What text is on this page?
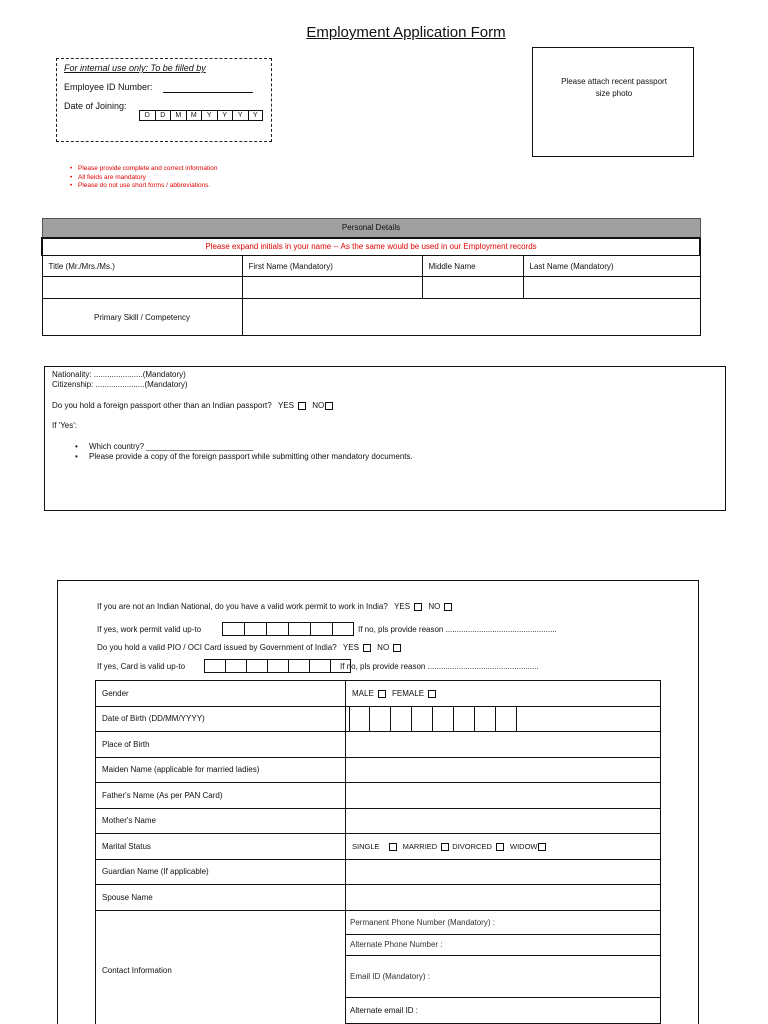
Employment Application Form
For internal use only: To be filled by
Employee ID Number:
Date of Joining:
D	D	M	M	Y	Y	Y	Y
Please attach recent passport
size photo
• Please provide complete and correct information
• All fields are mandatory
• Please do not use short forms / abbreviations.
Personal Details			
Please expand initials in your name -- As the same would be used in our Employment records			
Title (Mr./Mrs./Ms.)	First Name (Mandatory)	Middle Name	Last Name (Mandatory)

Primary Skill / Competency			
Nationality: ......................(Mandatory)
Citizenship: ......................(Mandatory)
Do you hold a foreign passport other than an Indian passport? YES NO
If 'Yes':
• Which country? ________________________
• Please provide a copy of the foreign passport while submitting other mandatory documents.
If you are not an Indian National, do you have a valid work permit to work in India? YES NO
If yes, work permit valid up-to	If no, pls provide reason ..................................................
Do you hold a valid PIO / OCI Card issued by Government of India? YES NO
If yes, Card is valid up-to	If no, pls provide reason ..................................................
Gender	MALE FEMALE
Date of Birth (DD/MM/YYYY)	

Place of Birth	
Maiden Name (applicable for married ladies)	
Father's Name (As per PAN Card)	
Mother's Name	
Marital Status	SINGLE MARRIED DIVORCED WIDOW
Guardian Name (If applicable)	
Spouse Name	
Contact Information	Permanent Phone Number (Mandatory) :
Alternate Phone Number :
Email ID (Mandatory) :
Alternate email ID :
